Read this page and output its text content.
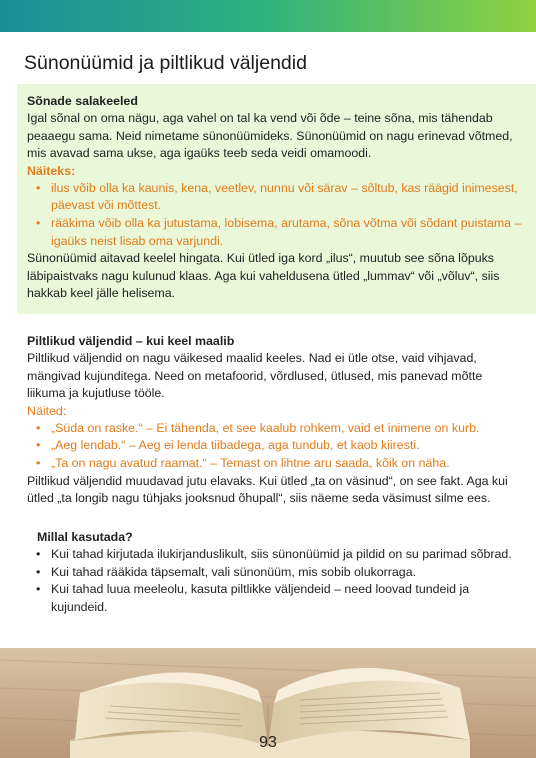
Sünonüümid ja piltlikud väljendid
Sõnade salakeeled

Igal sõnal on oma nägu, aga vahel on tal ka vend või õde – teine sõna, mis tähendab peaaegu sama. Neid nimetame sünonüümideks. Sünonüümid on nagu erinevad võtmed, mis avavad sama ukse, aga igaüks teeb seda veidi omamoodi.

Näiteks:
• ilus võib olla ka kaunis, kena, veetlev, nunnu või särav – sõltub, kas räägid inimesest, päevast või mõttest.
• rääkima võib olla ka jutustama, lobisema, arutama, sõna võtma või sõdant puistama – igaüks neist lisab oma varjundi.

Sünonüümid aitavad keelel hingata. Kui ütled iga kord „ilus“, muutub see sõna lõpuks läbipaistvaks nagu kulunud klaas. Aga kui vaheldusena ütled „lummav“ või „võluv“, siis hakkab keel jälle helisema.

Piltlikud väljendid – kui keel maalib

Piltlikud väljendid on nagu väikesed maalid keeles. Nad ei ütle otse, vaid vihjavad, mängivad kujunditega. Need on metafoorid, võrdlused, ütlused, mis panevad mõtte liikuma ja kujutluse tööle.

Näited:
• „Süda on raske.“ – Ei tähenda, et see kaalub rohkem, vaid et inimene on kurb.
• „Aeg lendab.“ – Aeg ei lenda tiibadega, aga tundub, et kaob kiiresti.
• „Ta on nagu avatud raamat.“ – Temast on lihtne aru saada, kõik on näha.

Piltlikud väljendid muudavad jutu elavaks. Kui ütled „ta on väsinud“, on see fakt. Aga kui ütled „ta longib nagu tühjaks jooksnud õhupall“, siis näeme seda väsimust silme ees.

Millal kasutada?
• Kui tahad kirjutada ilukirjanduslikult, siis sünonüümid ja pildid on su parimad sõbrad.
• Kui tahad rääkida täpsemalt, vali sünonüüm, mis sobib olukorraga.
• Kui tahad luua meeleolu, kasuta piltlikke väljendeid – need loovad tundeid ja kujundeid.
93
